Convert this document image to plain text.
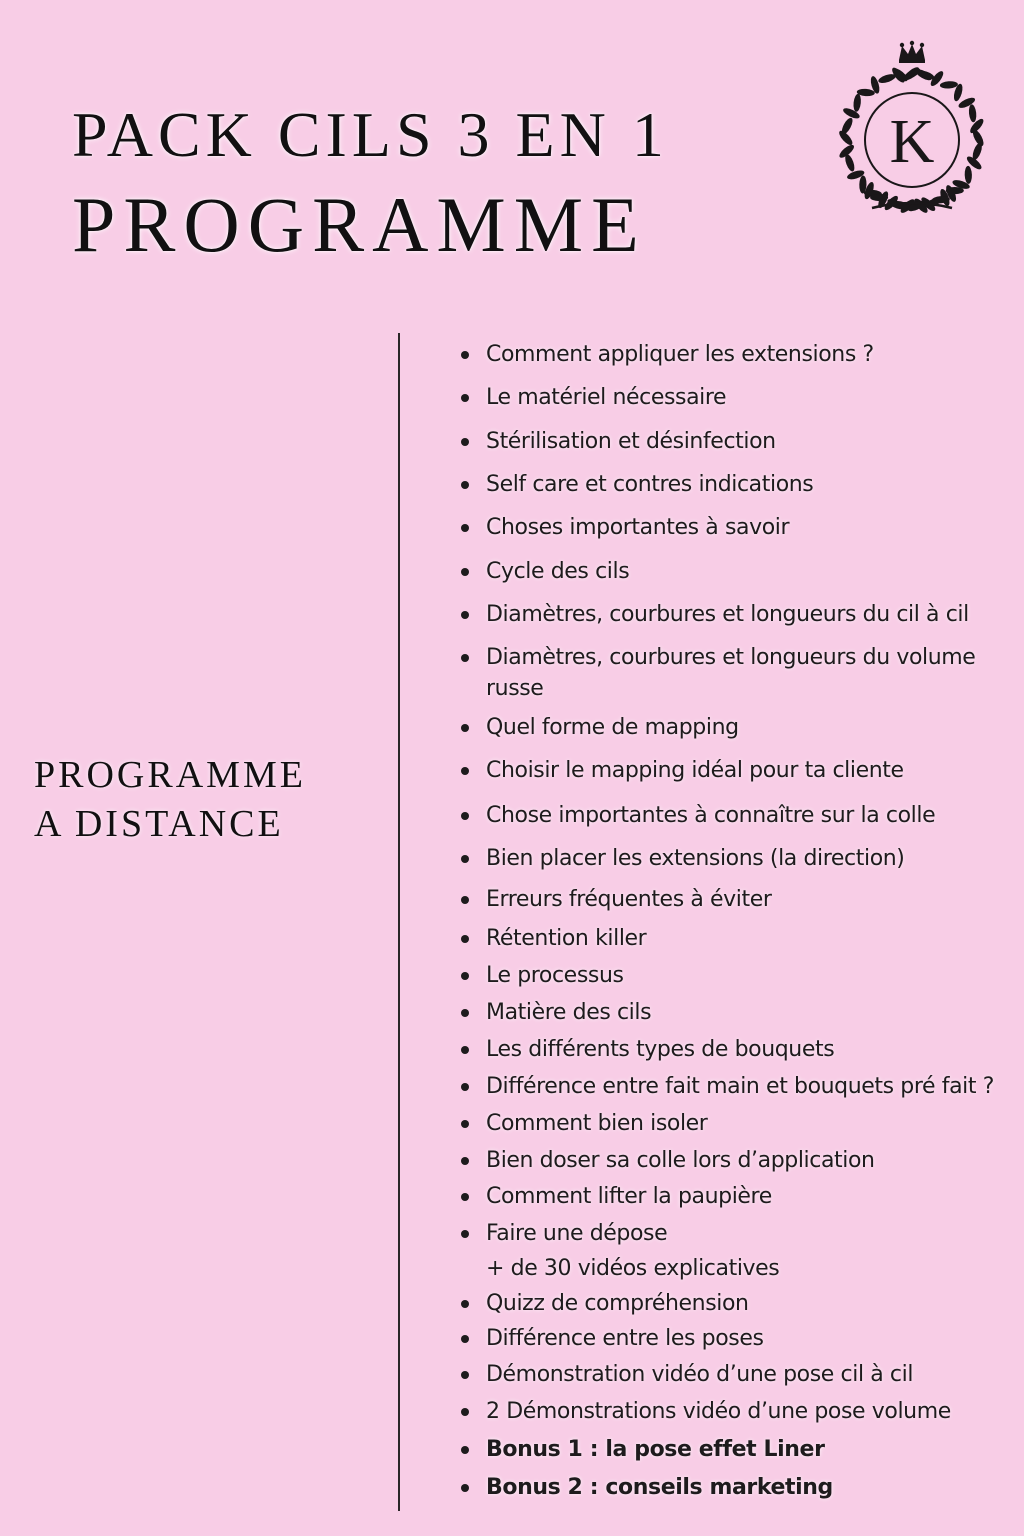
PACK CILS 3 EN 1
PROGRAMME
K
PROGRAMME
A DISTANCE
Comment appliquer les extensions ?
Le matériel nécessaire
Stérilisation et désinfection
Self care et contres indications
Choses importantes à savoir
Cycle des cils
Diamètres, courbures et longueurs du cil à cil
Diamètres, courbures et longueurs du volume russe
Quel forme de mapping
Choisir le mapping idéal pour ta cliente
Chose importantes à connaître sur la colle
Bien placer les extensions (la direction)
Erreurs fréquentes à éviter
Rétention killer
Le processus
Matière des cils
Les différents types de bouquets
Différence entre fait main et bouquets pré fait ?
Comment bien isoler
Bien doser sa colle lors d’application
Comment lifter la paupière
Faire une dépose
+ de 30 vidéos explicatives
Quizz de compréhension
Différence entre les poses
Démonstration vidéo d’une pose cil à cil
2 Démonstrations vidéo d’une pose volume
Bonus 1 : la pose effet Liner
Bonus 2 : conseils marketing
